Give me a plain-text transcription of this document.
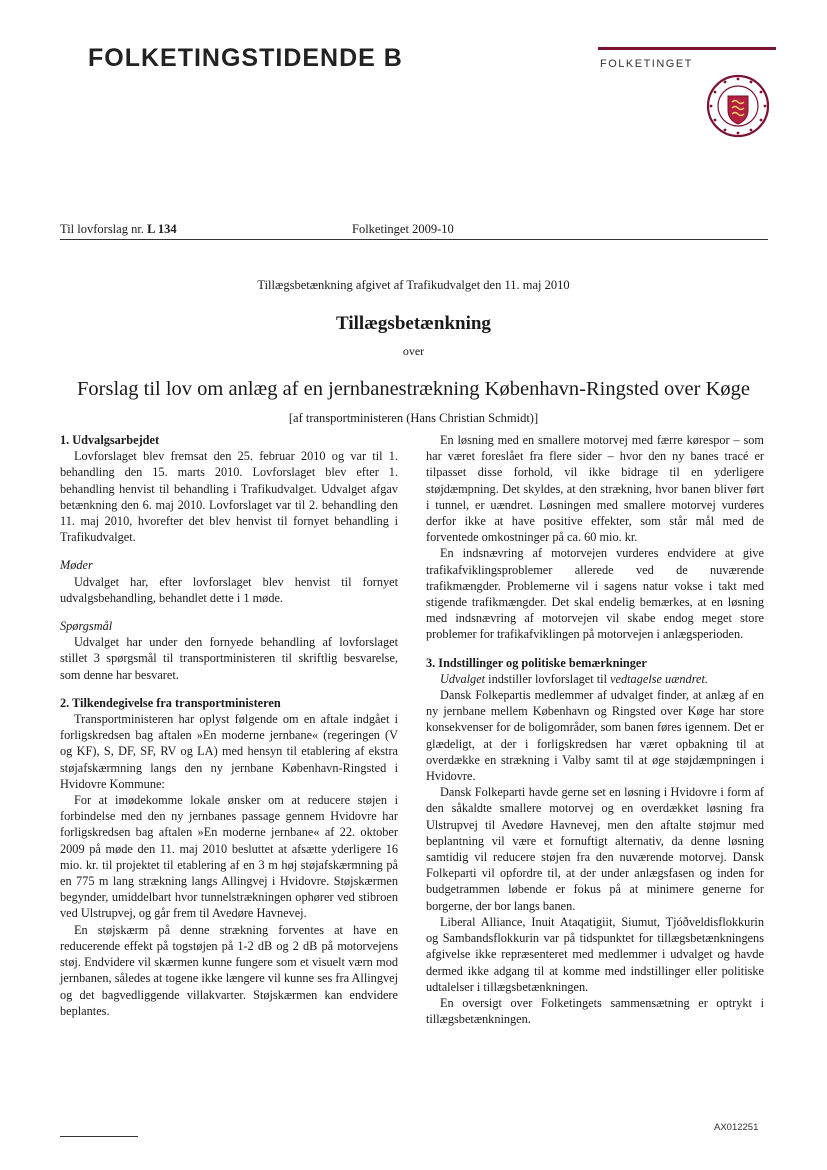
FOLKETINGSTIDENDE B	FOLKETINGET
Til lovforslag nr. L 134	Folketinget 2009-10
Tillægsbetænkning afgivet af Trafikudvalget den 11. maj 2010
Tillægsbetænkning
over
Forslag til lov om anlæg af en jernbanestrækning København-Ringsted over Køge
[af transportministeren (Hans Christian Schmidt)]
1. Udvalgsarbejdet

Lovforslaget blev fremsat den 25. februar 2010 og var til 1. behandling den 15. marts 2010. Lovforslaget blev efter 1. behandling henvist til behandling i Trafikudvalget. Udvalget afgav betænkning den 6. maj 2010. Lovforslaget var til 2. behandling den 11. maj 2010, hvorefter det blev henvist til fornyet behandling i Trafikudvalget.

Møder

Udvalget har, efter lovforslaget blev henvist til fornyet udvalgsbehandling, behandlet dette i 1 møde.

Spørgsmål

Udvalget har under den fornyede behandling af lovforslaget stillet 3 spørgsmål til transportministeren til skriftlig besvarelse, som denne har besvaret.

2. Tilkendegivelse fra transportministeren

Transportministeren har oplyst følgende om en aftale indgået i forligskredsen bag aftalen »En moderne jernbane« (regeringen (V og KF), S, DF, SF, RV og LA) med hensyn til etablering af ekstra støjafskærmning langs den ny jernbane København-Ringsted i Hvidovre Kommune:

For at imødekomme lokale ønsker om at reducere støjen i forbindelse med den ny jernbanes passage gennem Hvidovre har forligskredsen bag aftalen »En moderne jernbane« af 22. oktober 2009 på møde den 11. maj 2010 besluttet at afsætte yderligere 16 mio. kr. til projektet til etablering af en 3 m høj støjafskærmning på en 775 m lang strækning langs Allingvej i Hvidovre. Støjskærmen begynder, umiddelbart hvor tunnelstrækningen ophører ved stibroen ved Ulstrupvej, og går frem til Avedøre Havnevej.

En støjskærm på denne strækning forventes at have en reducerende effekt på togstøjen på 1-2 dB og 2 dB på motorvejens støj. Endvidere vil skærmen kunne fungere som et visuelt værn mod jernbanen, således at togene ikke længere vil kunne ses fra Allingvej og det bagvedliggende villakvarter. Støjskærmen kan endvidere beplantes.

En løsning med en smallere motorvej med færre kørespor – som har været foreslået fra flere sider – hvor den ny banes tracé er tilpasset disse forhold, vil ikke bidrage til en yderligere støjdæmpning. Det skyldes, at den strækning, hvor banen bliver ført i tunnel, er uændret. Løsningen med smallere motorvej vurderes derfor ikke at have positive effekter, som står mål med de forventede omkostninger på ca. 60 mio. kr.

En indsnævring af motorvejen vurderes endvidere at give trafikafviklingsproblemer allerede ved de nuværende trafikmængder. Problemerne vil i sagens natur vokse i takt med stigende trafikmængder. Det skal endelig bemærkes, at en løsning med indsnævring af motorvejen vil skabe endog meget store problemer for trafikafviklingen på motorvejen i anlægsperioden.

3. Indstillinger og politiske bemærkninger

Udvalget indstiller lovforslaget til vedtagelse uændret.

Dansk Folkepartis medlemmer af udvalget finder, at anlæg af en ny jernbane mellem København og Ringsted over Køge har store konsekvenser for de boligområder, som banen føres igennem. Det er glædeligt, at der i forligskredsen har været opbakning til at overdække en strækning i Valby samt til at øge støjdæmpningen i Hvidovre.

Dansk Folkeparti havde gerne set en løsning i Hvidovre i form af den såkaldte smallere motorvej og en overdækket løsning fra Ulstrupvej til Avedøre Havnevej, men den aftalte støjmur med beplantning vil være et fornuftigt alternativ, da denne løsning samtidig vil reducere støjen fra den nuværende motorvej. Dansk Folkeparti vil opfordre til, at der under anlægsfasen og inden for budgetrammen løbende er fokus på at minimere generne for borgerne, der bor langs banen.

Liberal Alliance, Inuit Ataqatigiit, Siumut, Tjóðveldisflokkurin og Sambandsflokkurin var på tidspunktet for tillægsbetænkningens afgivelse ikke repræsenteret med medlemmer i udvalget og havde dermed ikke adgang til at komme med indstillinger eller politiske udtalelser i tillægsbetænkningen.

En oversigt over Folketingets sammensætning er optrykt i tillægsbetænkningen.

AX012251
